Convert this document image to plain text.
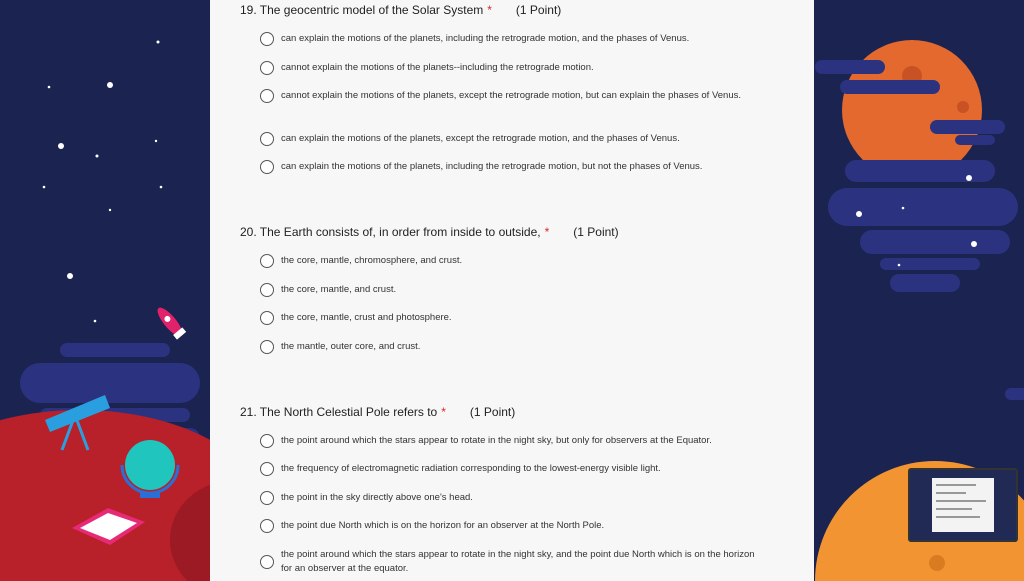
19. The geocentric model of the Solar System * (1 Point)
can explain the motions of the planets, including the retrograde motion, and the phases of Venus.
cannot explain the motions of the planets--including the retrograde motion.
cannot explain the motions of the planets, except the retrograde motion, but can explain the phases of Venus.
can explain the motions of the planets, except the retrograde motion, and the phases of Venus.
can explain the motions of the planets, including the retrograde motion, but not the phases of Venus.
20. The Earth consists of, in order from inside to outside, * (1 Point)
the core, mantle, chromosphere, and crust.
the core, mantle, and crust.
the core, mantle, crust and photosphere.
the mantle, outer core, and crust.
21. The North Celestial Pole refers to * (1 Point)
the point around which the stars appear to rotate in the night sky, but only for observers at the Equator.
the frequency of electromagnetic radiation corresponding to the lowest-energy visible light.
the point in the sky directly above one's head.
the point due North which is on the horizon for an observer at the North Pole.
the point around which the stars appear to rotate in the night sky, and the point due North which is on the horizon for an observer at the equator.
